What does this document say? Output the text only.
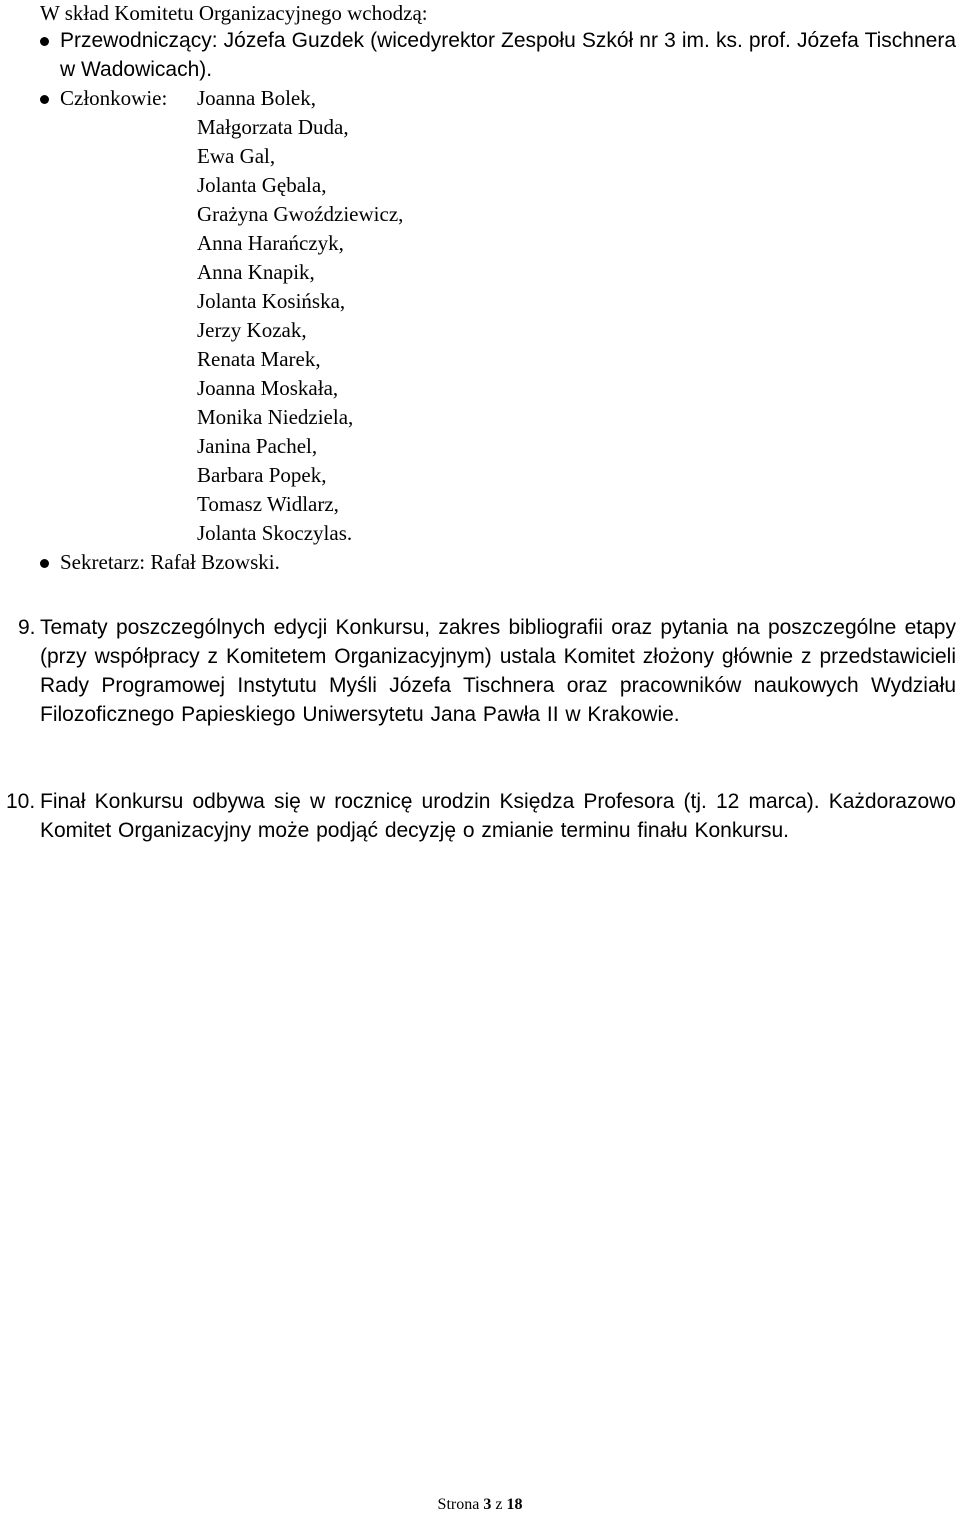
W skład Komitetu Organizacyjnego wchodzą:
Przewodniczący: Józefa Guzdek (wicedyrektor Zespołu Szkół nr 3 im. ks. prof. Józefa Tischnera w Wadowicach).
Członkowie: Joanna Bolek,
Małgorzata Duda,
Ewa Gal,
Jolanta Gębala,
Grażyna Gwoździewicz,
Anna Harańczyk,
Anna Knapik,
Jolanta Kosińska,
Jerzy Kozak,
Renata Marek,
Joanna Moskała,
Monika Niedziela,
Janina Pachel,
Barbara Popek,
Tomasz Widlarz,
Jolanta Skoczylas.
Sekretarz: Rafał Bzowski.
9. Tematy poszczególnych edycji Konkursu, zakres bibliografii oraz pytania na poszczególne etapy (przy współpracy z Komitetem Organizacyjnym) ustala Komitet złożony głównie z przedstawicieli Rady Programowej Instytutu Myśli Józefa Tischnera oraz pracowników naukowych Wydziału Filozoficznego Papieskiego Uniwersytetu Jana Pawła II w Krakowie.
10. Finał Konkursu odbywa się w rocznicę urodzin Księdza Profesora (tj. 12 marca). Każdorazowo Komitet Organizacyjny może podjąć decyzję o zmianie terminu finału Konkursu.
Strona 3 z 18
